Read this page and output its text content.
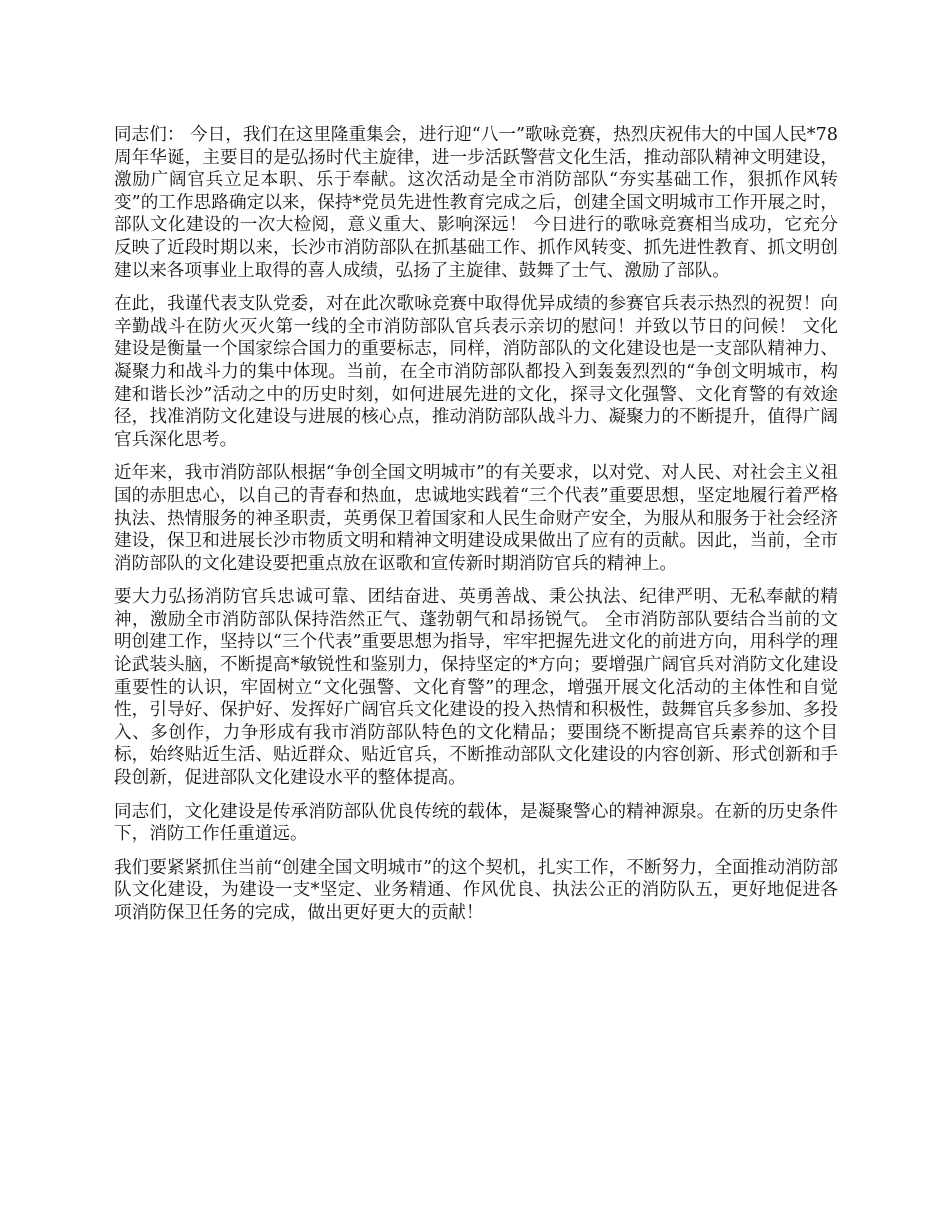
同志们： 今日，我们在这里隆重集会，进行迎“八一”歌咏竞赛，热烈庆祝伟大的中国人民*78周年华诞，主要目的是弘扬时代主旋律，进一步活跃警营文化生活，推动部队精神文明建设，激励广阔官兵立足本职、乐于奉献。这次活动是全市消防部队“夯实基础工作，狠抓作风转变”的工作思路确定以来，保持*党员先进性教育完成之后，创建全国文明城市工作开展之时，部队文化建设的一次大检阅，意义重大、影响深远！ 今日进行的歌咏竞赛相当成功，它充分反映了近段时期以来，长沙市消防部队在抓基础工作、抓作风转变、抓先进性教育、抓文明创建以来各项事业上取得的喜人成绩，弘扬了主旋律、鼓舞了士气、激励了部队。

在此，我谨代表支队党委，对在此次歌咏竞赛中取得优异成绩的参赛官兵表示热烈的祝贺！向辛勤战斗在防火灭火第一线的全市消防部队官兵表示亲切的慰问！并致以节日的问候！ 文化建设是衡量一个国家综合国力的重要标志，同样，消防部队的文化建设也是一支部队精神力、凝聚力和战斗力的集中体现。当前，在全市消防部队都投入到轰轰烈烈的“争创文明城市，构建和谐长沙”活动之中的历史时刻，如何进展先进的文化，探寻文化强警、文化育警的有效途径，找准消防文化建设与进展的核心点，推动消防部队战斗力、凝聚力的不断提升，值得广阔官兵深化思考。

近年来，我市消防部队根据“争创全国文明城市”的有关要求，以对党、对人民、对社会主义祖国的赤胆忠心，以自己的青春和热血，忠诚地实践着“三个代表”重要思想，坚定地履行着严格执法、热情服务的神圣职责，英勇保卫着国家和人民生命财产安全，为服从和服务于社会经济建设，保卫和进展长沙市物质文明和精神文明建设成果做出了应有的贡献。因此，当前，全市消防部队的文化建设要把重点放在讴歌和宣传新时期消防官兵的精神上。

要大力弘扬消防官兵忠诚可靠、团结奋进、英勇善战、秉公执法、纪律严明、无私奉献的精神，激励全市消防部队保持浩然正气、蓬勃朝气和昂扬锐气。 全市消防部队要结合当前的文明创建工作，坚持以“三个代表”重要思想为指导，牢牢把握先进文化的前进方向，用科学的理论武装头脑，不断提高*敏锐性和鉴别力，保持坚定的*方向；要增强广阔官兵对消防文化建设重要性的认识，牢固树立“文化强警、文化育警”的理念，增强开展文化活动的主体性和自觉性，引导好、保护好、发挥好广阔官兵文化建设的投入热情和积极性，鼓舞官兵多参加、多投入、多创作，力争形成有我市消防部队特色的文化精品；要围绕不断提高官兵素养的这个目标，始终贴近生活、贴近群众、贴近官兵，不断推动部队文化建设的内容创新、形式创新和手段创新，促进部队文化建设水平的整体提高。

同志们，文化建设是传承消防部队优良传统的载体，是凝聚警心的精神源泉。在新的历史条件下，消防工作任重道远。

我们要紧紧抓住当前“创建全国文明城市”的这个契机，扎实工作，不断努力，全面推动消防部队文化建设，为建设一支*坚定、业务精通、作风优良、执法公正的消防队五，更好地促进各项消防保卫任务的完成，做出更好更大的贡献！
